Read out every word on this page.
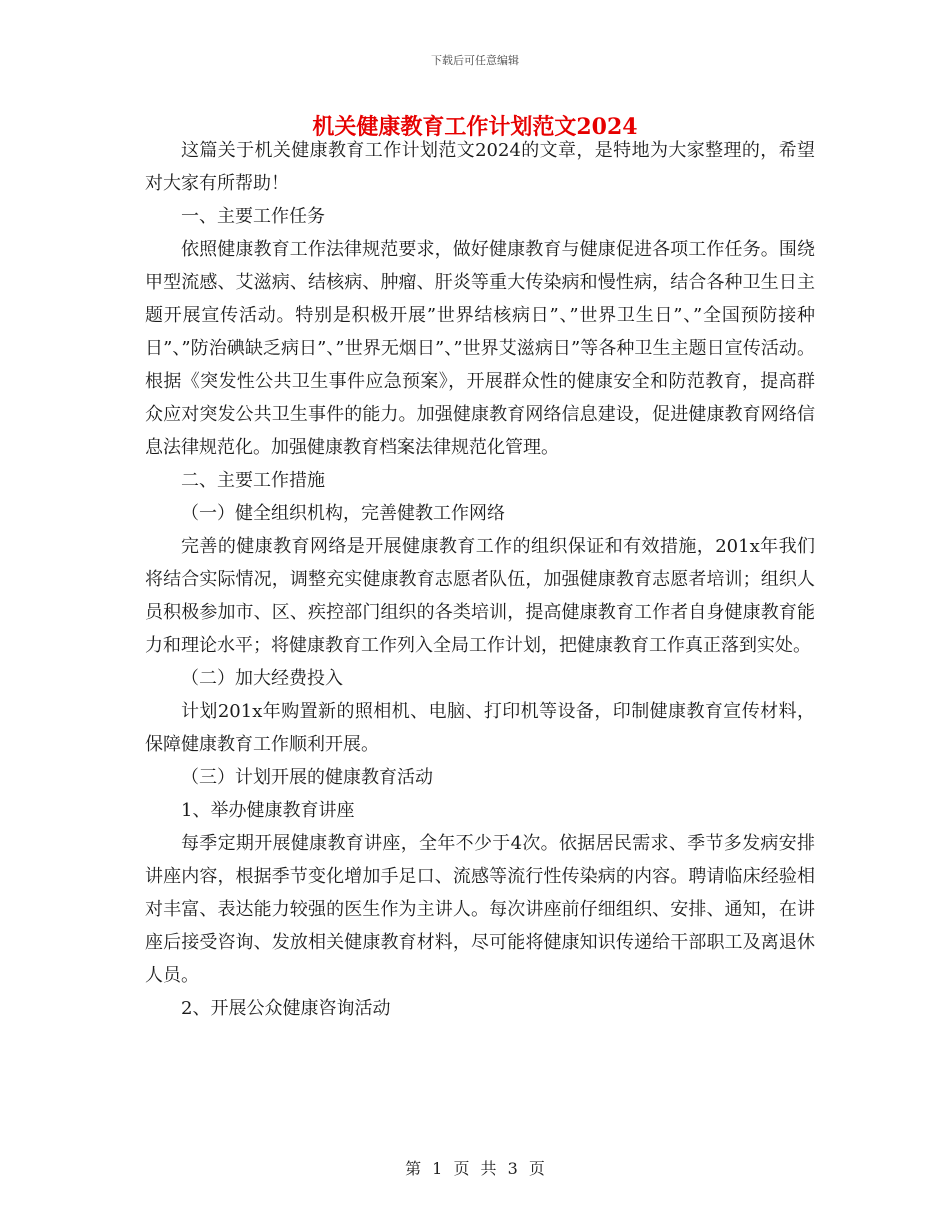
下载后可任意编辑
机关健康教育工作计划范文2024

这篇关于机关健康教育工作计划范文2024的文章，是特地为大家整理的，希望对大家有所帮助！

一、主要工作任务

依照健康教育工作法律规范要求，做好健康教育与健康促进各项工作任务。围绕甲型流感、艾滋病、结核病、肿瘤、肝炎等重大传染病和慢性病，结合各种卫生日主题开展宣传活动。特别是积极开展”世界结核病日”、”世界卫生日”、”全国预防接种日”、”防治碘缺乏病日”、”世界无烟日”、”世界艾滋病日”等各种卫生主题日宣传活动。根据《突发性公共卫生事件应急预案》，开展群众性的健康安全和防范教育，提高群众应对突发公共卫生事件的能力。加强健康教育网络信息建设，促进健康教育网络信息法律规范化。加强健康教育档案法律规范化管理。

二、主要工作措施

（一）健全组织机构，完善健教工作网络

完善的健康教育网络是开展健康教育工作的组织保证和有效措施，201x年我们将结合实际情况，调整充实健康教育志愿者队伍，加强健康教育志愿者培训；组织人员积极参加市、区、疾控部门组织的各类培训，提高健康教育工作者自身健康教育能力和理论水平；将健康教育工作列入全局工作计划，把健康教育工作真正落到实处。

（二）加大经费投入

计划201x年购置新的照相机、电脑、打印机等设备，印制健康教育宣传材料，保障健康教育工作顺利开展。

（三）计划开展的健康教育活动

1、举办健康教育讲座

每季定期开展健康教育讲座，全年不少于4次。依据居民需求、季节多发病安排讲座内容，根据季节变化增加手足口、流感等流行性传染病的内容。聘请临床经验相对丰富、表达能力较强的医生作为主讲人。每次讲座前仔细组织、安排、通知，在讲座后接受咨询、发放相关健康教育材料，尽可能将健康知识传递给干部职工及离退休人员。

2、开展公众健康咨询活动

第 1 页 共 3 页
